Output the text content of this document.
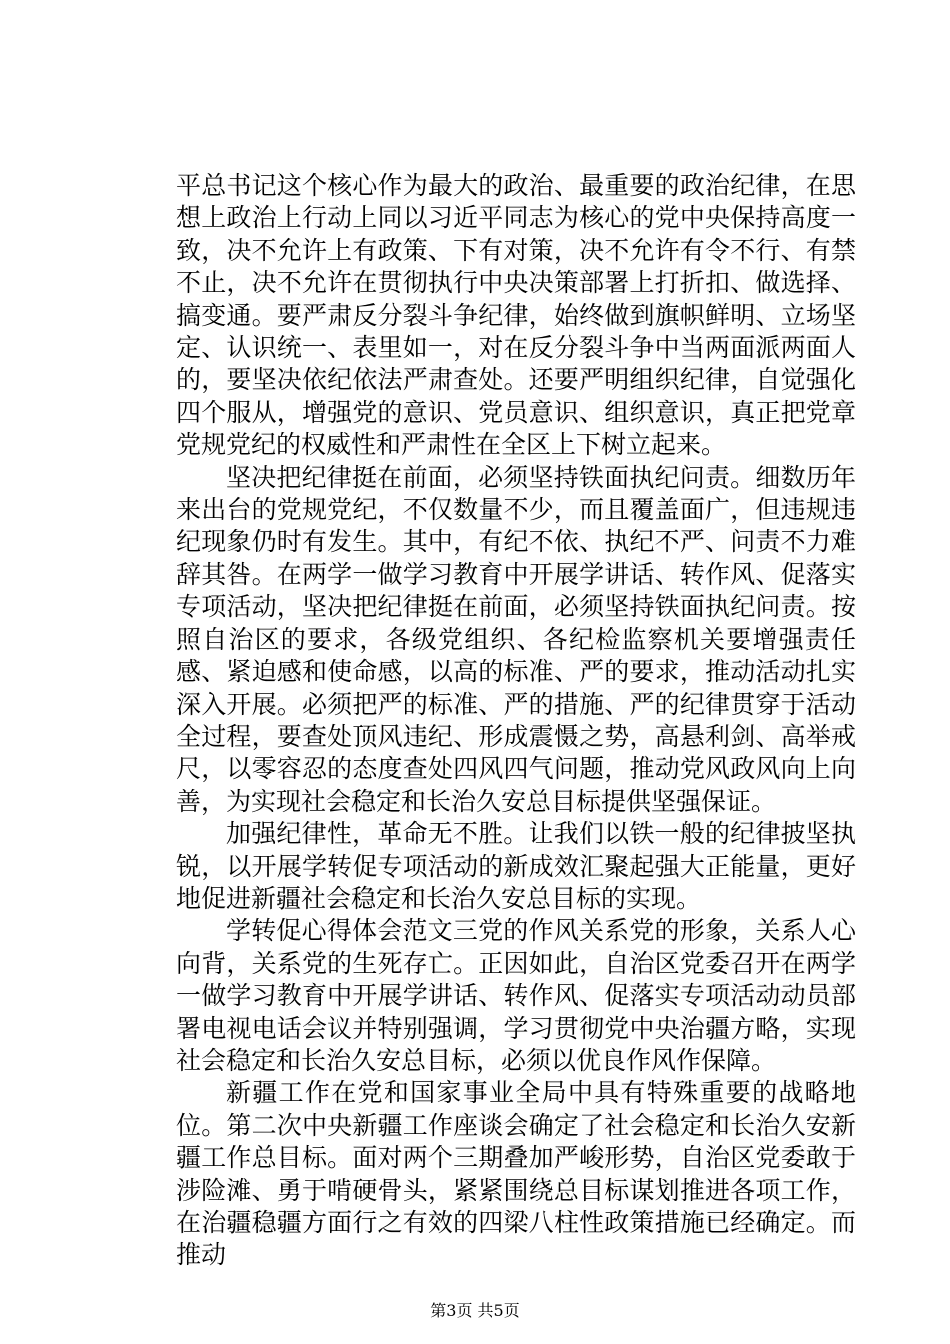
平总书记这个核心作为最大的政治、最重要的政治纪律，在思想上政治上行动上同以习近平同志为核心的党中央保持高度一致，决不允许上有政策、下有对策，决不允许有令不行、有禁不止，决不允许在贯彻执行中央决策部署上打折扣、做选择、搞变通。要严肃反分裂斗争纪律，始终做到旗帜鲜明、立场坚定、认识统一、表里如一，对在反分裂斗争中当两面派两面人的，要坚决依纪依法严肃查处。还要严明组织纪律，自觉强化四个服从，增强党的意识、党员意识、组织意识，真正把党章党规党纪的权威性和严肃性在全区上下树立起来。

坚决把纪律挺在前面，必须坚持铁面执纪问责。细数历年来出台的党规党纪，不仅数量不少，而且覆盖面广，但违规违纪现象仍时有发生。其中，有纪不依、执纪不严、问责不力难辞其咎。在两学一做学习教育中开展学讲话、转作风、促落实专项活动，坚决把纪律挺在前面，必须坚持铁面执纪问责。按照自治区的要求，各级党组织、各纪检监察机关要增强责任感、紧迫感和使命感，以高的标准、严的要求，推动活动扎实深入开展。必须把严的标准、严的措施、严的纪律贯穿于活动全过程，要查处顶风违纪、形成震慑之势，高悬利剑、高举戒尺，以零容忍的态度查处四风四气问题，推动党风政风向上向善，为实现社会稳定和长治久安总目标提供坚强保证。

加强纪律性，革命无不胜。让我们以铁一般的纪律披坚执锐，以开展学转促专项活动的新成效汇聚起强大正能量，更好地促进新疆社会稳定和长治久安总目标的实现。

学转促心得体会范文三党的作风关系党的形象，关系人心向背，关系党的生死存亡。正因如此，自治区党委召开在两学一做学习教育中开展学讲话、转作风、促落实专项活动动员部署电视电话会议并特别强调，学习贯彻党中央治疆方略，实现社会稳定和长治久安总目标，必须以优良作风作保障。

新疆工作在党和国家事业全局中具有特殊重要的战略地位。第二次中央新疆工作座谈会确定了社会稳定和长治久安新疆工作总目标。面对两个三期叠加严峻形势，自治区党委敢于涉险滩、勇于啃硬骨头，紧紧围绕总目标谋划推进各项工作，在治疆稳疆方面行之有效的四梁八柱性政策措施已经确定。而推动

第3页 共5页
